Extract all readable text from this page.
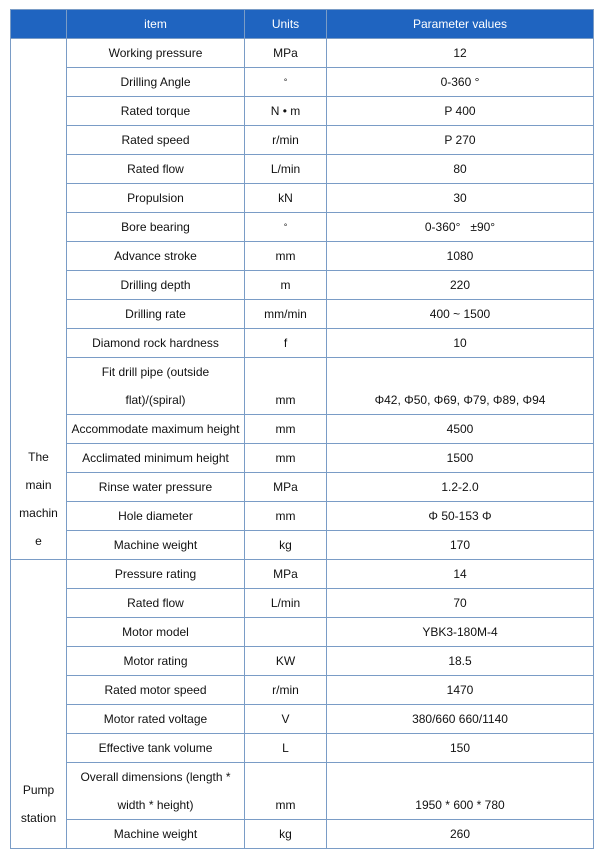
	item	Units	Parameter values

The
main
machin
e	Working pressure	MPa	12
	Drilling Angle	°	0-360 °
	Rated torque	N • m	P 400
	Rated speed	r/min	P 270
	Rated flow	L/min	80
	Propulsion	kN	30
	Bore bearing	°	0-360°   ±90°
	Advance stroke	mm	1080
	Drilling depth	m	220
	Drilling rate	mm/min	400 ~ 1500
	Diamond rock hardness	f	10
	Fit drill pipe (outside flat)/(spiral)	mm	Φ42, Φ50, Φ69, Φ79, Φ89, Φ94
	Accommodate maximum height	mm	4500
	Acclimated minimum height	mm	1500
	Rinse water pressure	MPa	1.2-2.0
	Hole diameter	mm	Φ 50-153 Φ
	Machine weight	kg	170

Pump
station	Pressure rating	MPa	14
	Rated flow	L/min	70
	Motor model		YBK3-180M-4
	Motor rating	KW	18.5
	Rated motor speed	r/min	1470
	Motor rated voltage	V	380/660 660/1140
	Effective tank volume	L	150
	Overall dimensions (length * width * height)	mm	1950 * 600 * 780
	Machine weight	kg	260
